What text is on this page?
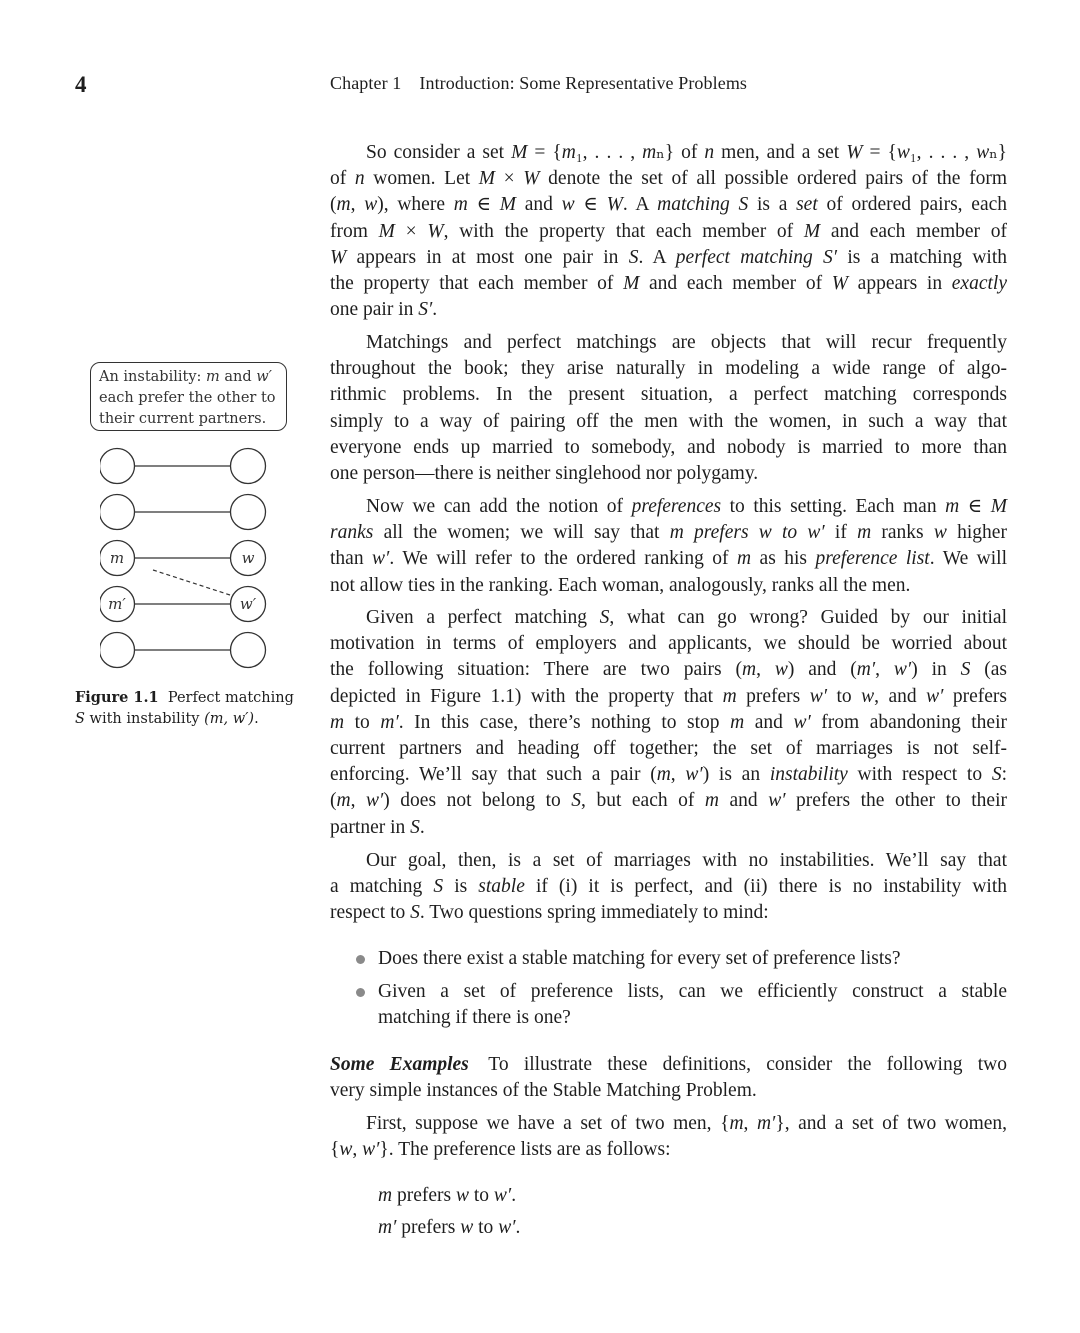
4	Chapter 1 Introduction: Some Representative Problems
An instability: m and w′
each prefer the other to
their current partners.
m	w
m′	w′
Figure 1.1 Perfect matching
S with instability (m, w′).
So consider a set M = {m₁, . . . , mₙ} of n men, and a set W = {w₁, . . . , wₙ}
of n women. Let M × W denote the set of all possible ordered pairs of the form
(m, w), where m ∈ M and w ∈ W. A matching S is a set of ordered pairs, each
from M × W, with the property that each member of M and each member of
W appears in at most one pair in S. A perfect matching S′ is a matching with
the property that each member of M and each member of W appears in exactly
one pair in S′.
Matchings and perfect matchings are objects that will recur frequently
throughout the book; they arise naturally in modeling a wide range of algo-
rithmic problems. In the present situation, a perfect matching corresponds
simply to a way of pairing off the men with the women, in such a way that
everyone ends up married to somebody, and nobody is married to more than
one person—there is neither singlehood nor polygamy.
Now we can add the notion of preferences to this setting. Each man m ∈ M
ranks all the women; we will say that m prefers w to w′ if m ranks w higher
than w′. We will refer to the ordered ranking of m as his preference list. We will
not allow ties in the ranking. Each woman, analogously, ranks all the men.
Given a perfect matching S, what can go wrong? Guided by our initial
motivation in terms of employers and applicants, we should be worried about
the following situation: There are two pairs (m, w) and (m′, w′) in S (as
depicted in Figure 1.1) with the property that m prefers w′ to w, and w′ prefers
m to m′. In this case, there’s nothing to stop m and w′ from abandoning their
current partners and heading off together; the set of marriages is not self-
enforcing. We’ll say that such a pair (m, w′) is an instability with respect to S:
(m, w′) does not belong to S, but each of m and w′ prefers the other to their
partner in S.
Our goal, then, is a set of marriages with no instabilities. We’ll say that
a matching S is stable if (i) it is perfect, and (ii) there is no instability with
respect to S. Two questions spring immediately to mind:
Does there exist a stable matching for every set of preference lists?
Given a set of preference lists, can we efficiently construct a stable
matching if there is one?
Some Examples To illustrate these definitions, consider the following two
very simple instances of the Stable Matching Problem.
First, suppose we have a set of two men, {m, m′}, and a set of two women,
{w, w′}. The preference lists are as follows:
m prefers w to w′.
m′ prefers w to w′.
